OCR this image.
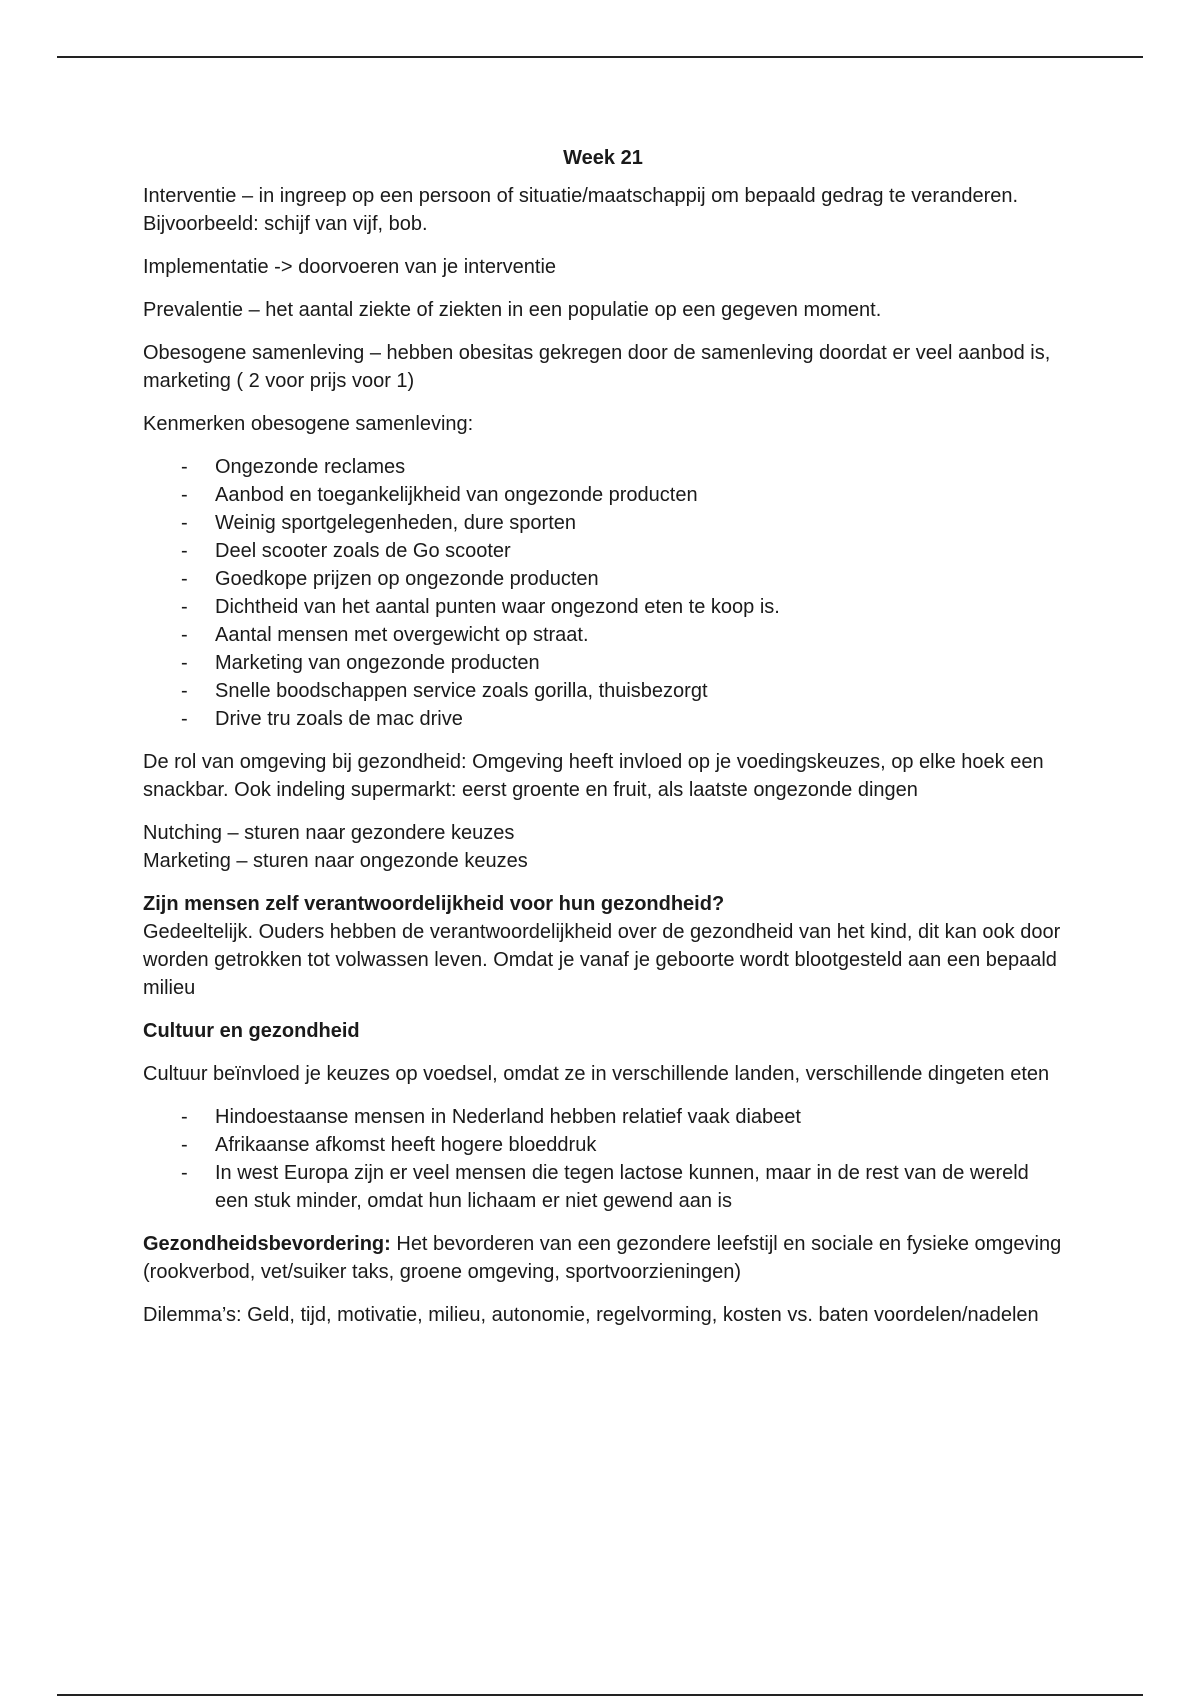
Week 21

Interventie – in ingreep op een persoon of situatie/maatschappij om bepaald gedrag te veranderen. Bijvoorbeeld: schijf van vijf, bob.

Implementatie -> doorvoeren van je interventie

Prevalentie – het aantal ziekte of ziekten in een populatie op een gegeven moment.

Obesogene samenleving – hebben obesitas gekregen door de samenleving doordat er veel aanbod is, marketing ( 2 voor prijs voor 1)

Kenmerken obesogene samenleving:

- Ongezonde reclames
- Aanbod en toegankelijkheid van ongezonde producten
- Weinig sportgelegenheden, dure sporten
- Deel scooter zoals de Go scooter
- Goedkope prijzen op ongezonde producten
- Dichtheid van het aantal punten waar ongezond eten te koop is.
- Aantal mensen met overgewicht op straat.
- Marketing van ongezonde producten
- Snelle boodschappen service zoals gorilla, thuisbezorgt
- Drive tru zoals de mac drive

De rol van omgeving bij gezondheid: Omgeving heeft invloed op je voedingskeuzes, op elke hoek een snackbar. Ook indeling supermarkt: eerst groente en fruit, als laatste ongezonde dingen

Nutching – sturen naar gezondere keuzes

Marketing – sturen naar ongezonde keuzes

Zijn mensen zelf verantwoordelijkheid voor hun gezondheid?

Gedeeltelijk. Ouders hebben de verantwoordelijkheid over de gezondheid van het kind, dit kan ook door worden getrokken tot volwassen leven. Omdat je vanaf je geboorte wordt blootgesteld aan een bepaald milieu

Cultuur en gezondheid

Cultuur beïnvloed je keuzes op voedsel, omdat ze in verschillende landen, verschillende dingeten eten

- Hindoestaanse mensen in Nederland hebben relatief vaak diabeet
- Afrikaanse afkomst heeft hogere bloeddruk
- In west Europa zijn er veel mensen die tegen lactose kunnen, maar in de rest van de wereld een stuk minder, omdat hun lichaam er niet gewend aan is

Gezondheidsbevordering: Het bevorderen van een gezondere leefstijl en sociale en fysieke omgeving (rookverbod, vet/suiker taks, groene omgeving, sportvoorzieningen)

Dilemma’s: Geld, tijd, motivatie, milieu, autonomie, regelvorming, kosten vs. baten voordelen/nadelen
